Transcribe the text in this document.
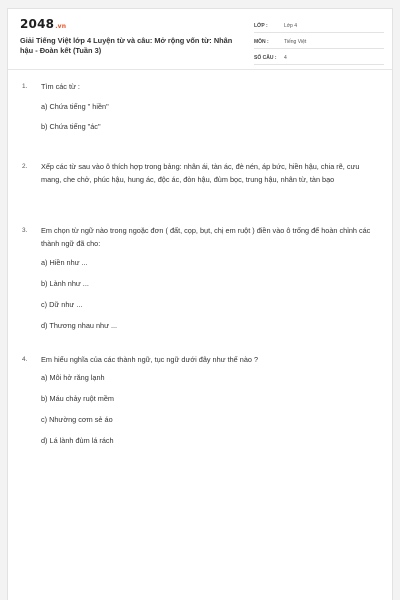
2048.vn
Giải Tiếng Việt lớp 4 Luyện từ và câu: Mở rộng vốn từ: Nhân hậu - Đoàn kết (Tuần 3)
LỚP :	Lớp 4
MÔN :	Tiếng Việt
SỐ CÂU :	4
1. Tìm các từ :
a) Chứa tiếng " hiền"
b) Chứa tiếng "ác"
2. Xếp các từ sau vào ô thích hợp trong bảng: nhân ái, tàn ác, đè nén, áp bức, hiền hậu, chia rẽ, cưu mang, che chở, phúc hậu, hung ác, độc ác, đòn hậu, đùm bọc, trung hậu, nhân từ, tàn bạo
3. Em chọn từ ngữ nào trong ngoặc đơn ( đất, cọp, bụt, chị em ruột ) điền vào ô trống để hoàn chỉnh các thành ngữ đã cho:
a) Hiền như ...
b) Lành như ...
c) Dữ như ...
d) Thương nhau như ...
4. Em hiểu nghĩa của các thành ngữ, tục ngữ dưới đây như thế nào ?
a) Môi hở răng lạnh
b) Máu chảy ruột mềm
c) Nhường cơm sẻ áo
d) Lá lành đùm lá rách
